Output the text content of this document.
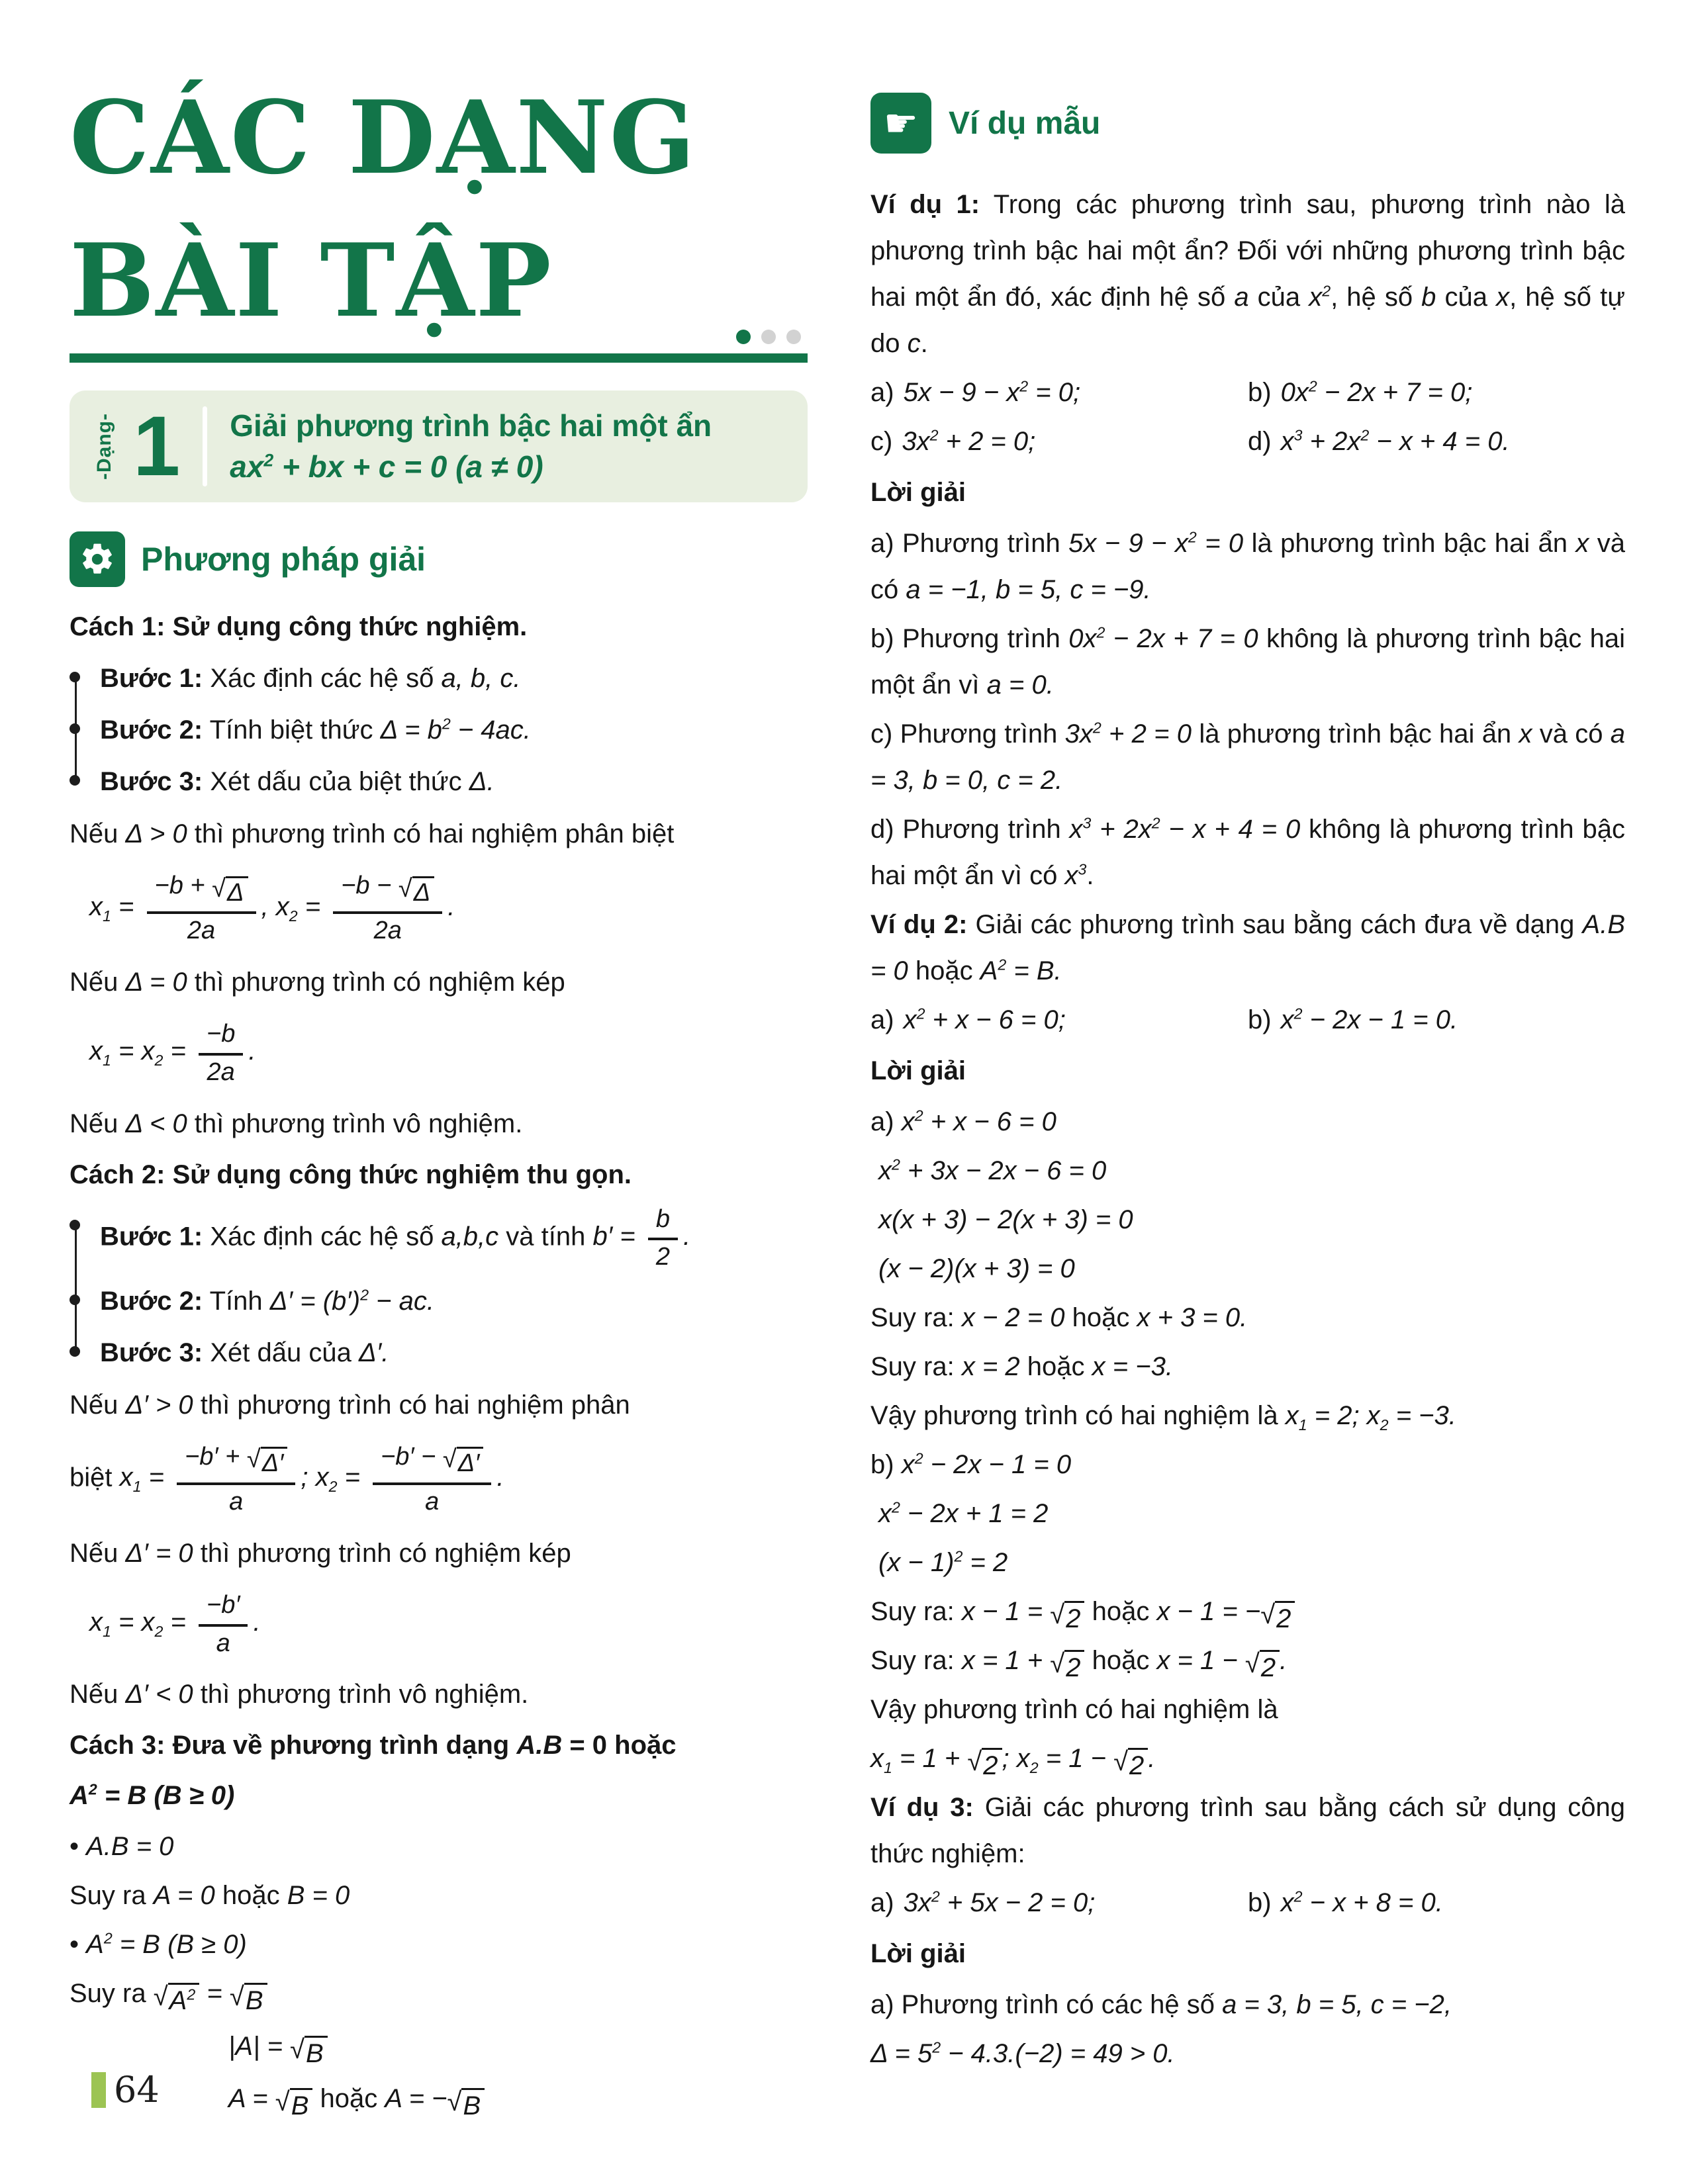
CÁC DẠNG
BÀI TẬP
-Dạng- 1 Giải phương trình bậc hai một ẩn
$ax^2$ + bx + c = 0 (a ≠ 0)
Phương pháp giải
Cách 1: Sử dụng công thức nghiệm.
Bước 1: Xác định các hệ số a, b, c.
Bước 2: Tính biệt thức $\Delta = b^2 - 4ac$.
Bước 3: Xét dấu của biệt thức Δ.
Nếu Δ > 0 thì phương trình có hai nghiệm phân biệt
$x_1 = \frac{-b + √ \Delta}{2a}$ , $x_2 = \frac{-b - √ \Delta}{2a}$ .
Nếu Δ = 0 thì phương trình có nghiệm kép
$x_1 = x_2 = \frac{-b}{2a}$ .
Nếu Δ < 0 thì phương trình vô nghiệm.
Cách 2: Sử dụng công thức nghiệm thu gọn.
Bước 1: Xác định các hệ số a,b,c và tính $b' = \frac{b}{2}$ .
Bước 2: Tính $\Delta' = (b')^2$ − ac.
Bước 3: Xét dấu của Δ′.
Nếu Δ′ > 0 thì phương trình có hai nghiệm phân
biệt $x_1 = \frac{-b' + √ \Delta'}{a}$ ; $x_2 = \frac{-b' - √ \Delta'}{a}$ .
Nếu Δ′ = 0 thì phương trình có nghiệm kép
$x_1 = x_2 = \frac{-b'}{a}$ .
Nếu Δ′ < 0 thì phương trình vô nghiệm.
Cách 3: Đưa về phương trình dạng A.B = 0 hoặc
$A^2 = B$ (B ≥ 0)
• A.B = 0
Suy ra A = 0 hoặc B = 0
• $A^2 = B$ (B ≥ 0)
Suy ra √ $A^2$ = √ B
|A| = √ B
A = √ B hoặc A = − √ B
☛ Ví dụ mẫu
Ví dụ 1: Trong các phương trình sau, phương trình nào là phương trình bậc hai một ẩn? Đối với những phương trình bậc hai một ẩn đó, xác định hệ số a của $x^2$, hệ số b của x, hệ số tự do c.
a) $5x - 9 - x^2 = 0$;	b) $0x^2 - 2x + 7 = 0$;
c) $3x^2 + 2 = 0$;	d) $x^3 + 2x^2 - x + 4 = 0$.
Lời giải
a) Phương trình $5x - 9 - x^2 = 0$ là phương trình bậc hai ẩn x và có a = −1, b = 5, c = −9.
b) Phương trình $0x^2 - 2x + 7 = 0$ không là phương trình bậc hai một ẩn vì a = 0.
c) Phương trình $3x^2 + 2 = 0$ là phương trình bậc hai ẩn x và có a = 3, b = 0, c = 2.
d) Phương trình $x^3 + 2x^2 - x + 4 = 0$ không là phương trình bậc hai một ẩn vì có $x^3$.
Ví dụ 2: Giải các phương trình sau bằng cách đưa về dạng A.B = 0 hoặc $A^2 = B$.
a) $x^2 + x - 6 = 0$;	b) $x^2 - 2x - 1 = 0$.
Lời giải
a) $x^2 + x - 6 = 0$
$x^2 + 3x - 2x - 6 = 0$
x(x + 3) − 2(x + 3) = 0
(x − 2)(x + 3) = 0
Suy ra: x − 2 = 0 hoặc x + 3 = 0.
Suy ra: x = 2 hoặc x = −3.
Vậy phương trình có hai nghiệm là $x_1 = 2$; $x_2 = -3$.
b) $x^2 - 2x - 1 = 0$
$x^2 - 2x + 1 = 2$
$(x - 1)^2 = 2$
Suy ra: x − 1 = √ 2 hoặc x − 1 = − √ 2
Suy ra: x = 1 + √ 2 hoặc x = 1 − √ 2 .
Vậy phương trình có hai nghiệm là
$x_1 = 1$ + √ 2 ; $x_2 = 1$ − √ 2 .
Ví dụ 3: Giải các phương trình sau bằng cách sử dụng công thức nghiệm:
a) $3x^2 + 5x - 2 = 0$;	b) $x^2 - x + 8 = 0$.
Lời giải
a) Phương trình có các hệ số a = 3, b = 5, c = −2,
$\Delta = 5^2 - 4.3.(-2) = 49 > 0$.
64
